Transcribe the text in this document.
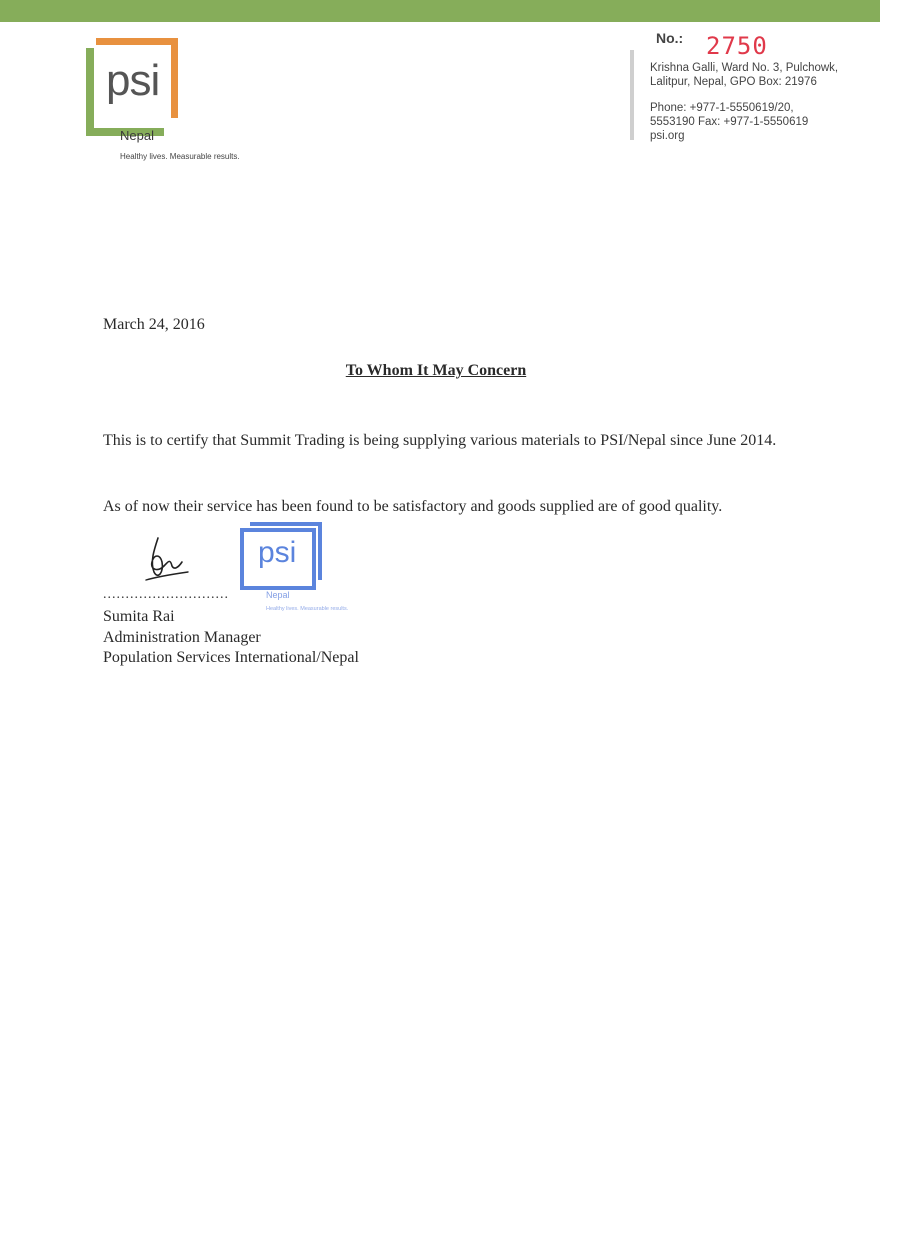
psi
Nepal
Healthy lives. Measurable results.
No.: 2750
Krishna Galli, Ward No. 3, Pulchowk,
Lalitpur, Nepal, GPO Box: 21976
Phone: +977-1-5550619/20,
5553190 Fax: +977-1-5550619
psi.org
March 24, 2016
To Whom It May Concern
This is to certify that Summit Trading is being supplying various materials to PSI/Nepal since June 2014.
As of now their service has been found to be satisfactory and goods supplied are of good quality.
psi
Nepal
Healthy lives. Measurable results.
............................
Sumita Rai
Administration Manager
Population Services International/Nepal
